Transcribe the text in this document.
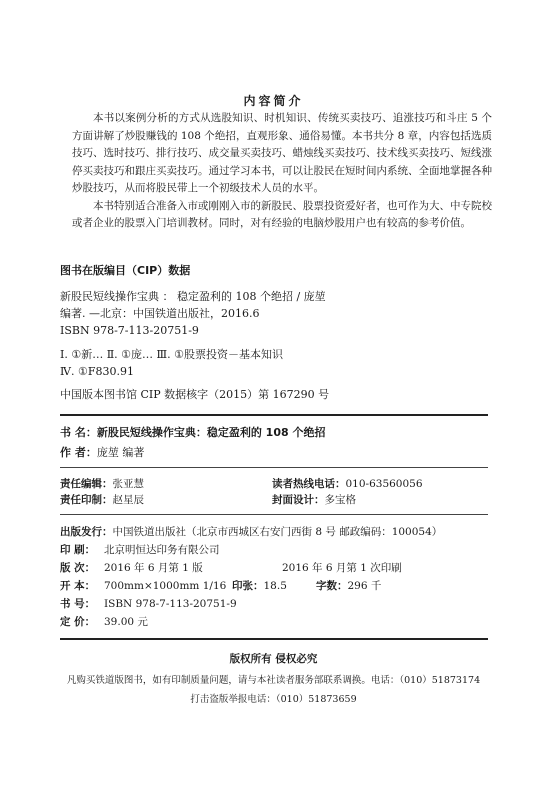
内容简介

本书以案例分析的方式从选股知识、时机知识、传统买卖技巧、追涨技巧和斗庄 5 个方面讲解了炒股赚钱的 108 个绝招，直观形象、通俗易懂。本书共分 8 章，内容包括选质技巧、选时技巧、排行技巧、成交量买卖技巧、蜡烛线买卖技巧、技术线买卖技巧、短线涨停买卖技巧和跟庄买卖技巧。通过学习本书，可以让股民在短时间内系统、全面地掌握各种炒股技巧，从而将股民带上一个初级技术人员的水平。

本书特别适合准备入市或刚刚入市的新股民、股票投资爱好者，也可作为大、中专院校或者企业的股票入门培训教材。同时，对有经验的电脑炒股用户也有较高的参考价值。

图书在版编目（CIP）数据
新股民短线操作宝典 ： 稳定盈利的 108 个绝招 / 庞堃
编著. —北京：中国铁道出版社，2016.6
ISBN 978-7-113-20751-9
Ⅰ. ①新… Ⅱ. ①庞… Ⅲ. ①股票投资－基本知识
Ⅳ. ①F830.91
中国版本图书馆 CIP 数据核字（2015）第 167290 号
书 名：新股民短线操作宝典：稳定盈利的 108 个绝招
作 者：庞堃 编著
责任编辑：张亚慧	读者热线电话：010-63560056
责任印制：赵星辰	封面设计：多宝格
出版发行：中国铁道出版社（北京市西城区右安门西街 8 号 邮政编码：100054）
印 刷： 北京明恒达印务有限公司
版 次： 2016 年 6 月第 1 版	2016 年 6 月第 1 次印刷
开 本： 700mm×1000mm 1/16 印张：18.5	字数：296 千
书 号： ISBN 978-7-113-20751-9
定 价： 39.00 元
版权所有 侵权必究
凡购买铁道版图书，如有印制质量问题，请与本社读者服务部联系调换。电话：（010）51873174
打击盗版举报电话：（010）51873659
